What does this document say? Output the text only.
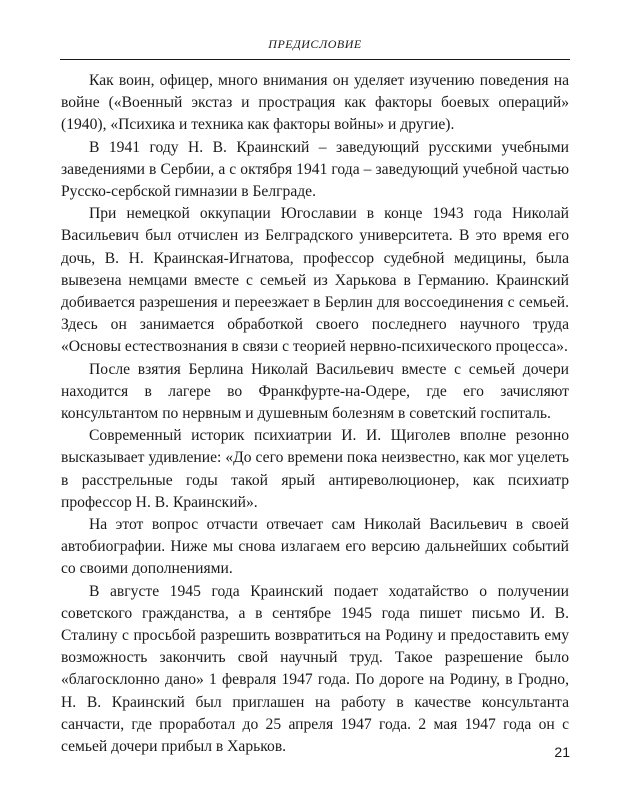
ПРЕДИСЛОВИЕ

Как воин, офицер, много внимания он уделяет изучению поведения на войне («Военный экстаз и прострация как факторы боевых операций» (1940), «Психика и техника как факторы войны» и другие).

В 1941 году Н. В. Краинский – заведующий русскими учебными заведениями в Сербии, а с октября 1941 года – заведующий учебной частью Русско-сербской гимназии в Белграде.

При немецкой оккупации Югославии в конце 1943 года Николай Васильевич был отчислен из Белградского университета. В это время его дочь, В. Н. Краинская-Игнатова, профессор судебной медицины, была вывезена немцами вместе с семьей из Харькова в Германию. Краинский добивается разрешения и переезжает в Берлин для воссоединения с семьей. Здесь он занимается обработкой своего последнего научного труда «Основы естествознания в связи с теорией нервно-психического процесса».

После взятия Берлина Николай Васильевич вместе с семьей дочери находится в лагере во Франкфурте-на-Одере, где его зачисляют консультантом по нервным и душевным болезням в советский госпиталь.

Современный историк психиатрии И. И. Щиголев вполне резонно высказывает удивление: «До сего времени пока неизвестно, как мог уцелеть в расстрельные годы такой ярый антиреволюционер, как психиатр профессор Н. В. Краинский».

На этот вопрос отчасти отвечает сам Николай Васильевич в своей автобиографии. Ниже мы снова излагаем его версию дальнейших событий со своими дополнениями.

В августе 1945 года Краинский подает ходатайство о получении советского гражданства, а в сентябре 1945 года пишет письмо И. В. Сталину с просьбой разрешить возвратиться на Родину и предоставить ему возможность закончить свой научный труд. Такое разрешение было «благосклонно дано» 1 февраля 1947 года. По дороге на Родину, в Гродно, Н. В. Краинский был приглашен на работу в качестве консультанта санчасти, где проработал до 25 апреля 1947 года. 2 мая 1947 года он с семьей дочери прибыл в Харьков.	21
